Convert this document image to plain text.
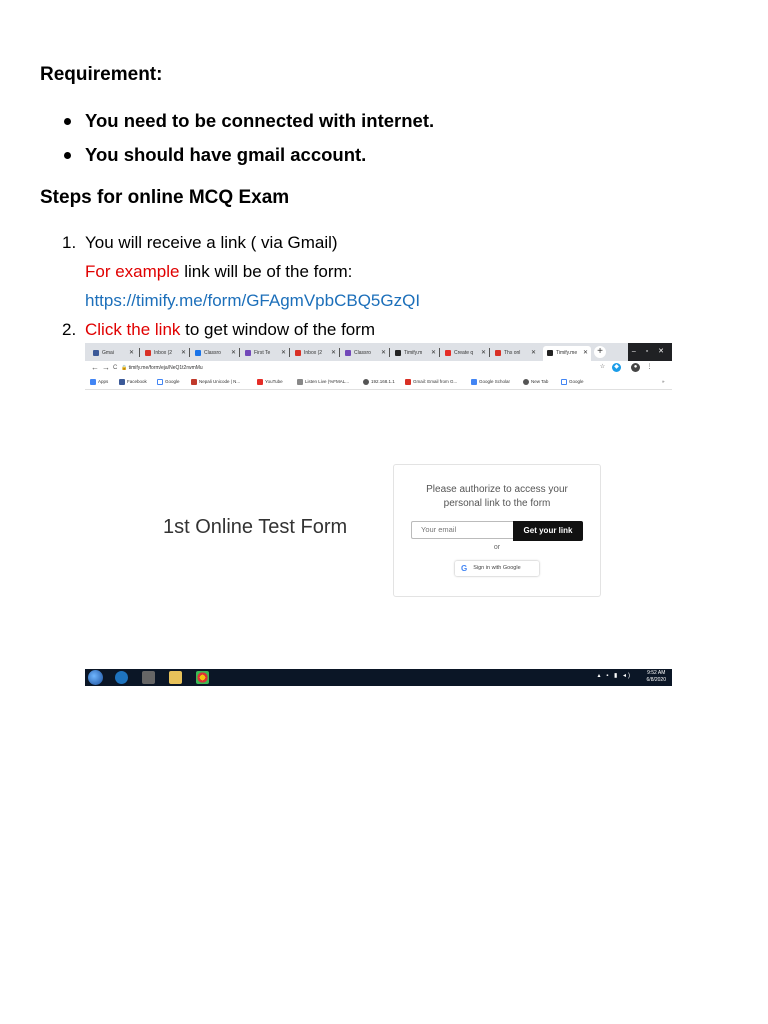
Requirement:
You need to be connected with internet.
You should have gmail account.
Steps for online MCQ Exam
1. You will receive a link ( via Gmail)
For example link will be of the form:
https://timify.me/form/GFAgmVpbCBQ5GzQI
2. Click the link to get window of the form
Gmai	✕	Inbox (2 ✕	Classro ✕	First Te ✕	Inbox (2 ✕	Classro ✕	Timify.m ✕	Create q ✕	Ths onl ✕	Timify.me ✕ +	– ▫ ✕
← → C 🔒 timify.me/form/eja/NeQ1t2rwmMu	☆	◆	●	⋮
Apps	Facebook	Google	Nepali Unicode | N...	YouTube	Listen Live (%FMAL...	192.168.1.1	Gmail: Email from G...	Google Scholar	New Tab	Google	»
1st Online Test Form
Please authorize to access your
personal link to the form
Your email
Get your link
or
G Sign in with Google
▴ ▪ ▮ ◂)	9:52 AM
6/8/2020
